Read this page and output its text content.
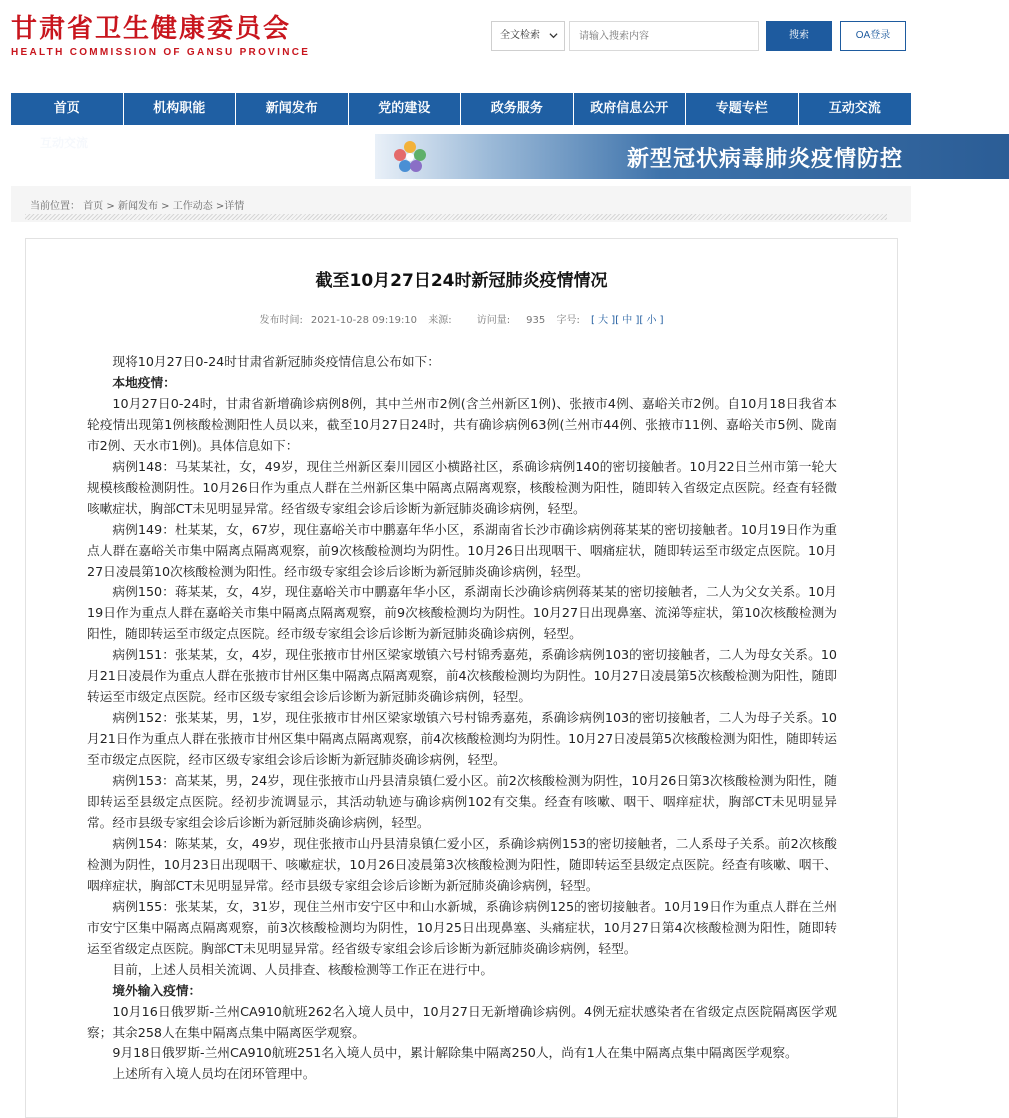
甘肃省卫生健康委员会
HEALTH COMMISSION OF GANSU PROVINCE
全文检索
请输入搜索内容	搜索	OA登录
首页	机构职能	新闻发布	党的建设	政务服务	政府信息公开	专题专栏	互动交流
互动交流
新型冠状病毒肺炎疫情防控
当前位置： 首页 > 新闻发布 > 工作动态 >详情
截至10月27日24时新冠肺炎疫情情况
发布时间: 2021-10-28 09:19:10 来源:	访问量: 935 字号: [ 大 ][ 中 ][ 小 ]

现将10月27日0-24时甘肃省新冠肺炎疫情信息公布如下：

本地疫情：

10月27日0-24时，甘肃省新增确诊病例8例，其中兰州市2例(含兰州新区1例)、张掖市4例、嘉峪关市2例。自10月18日我省本轮疫情出现第1例核酸检测阳性人员以来，截至10月27日24时，共有确诊病例63例(兰州市44例、张掖市11例、嘉峪关市5例、陇南市2例、天水市1例)。具体信息如下：

病例148：马某某社，女，49岁，现住兰州新区秦川园区小横路社区，系确诊病例140的密切接触者。10月22日兰州市第一轮大规模核酸检测阴性。10月26日作为重点人群在兰州新区集中隔离点隔离观察，核酸检测为阳性，随即转入省级定点医院。经查有轻微咳嗽症状，胸部CT未见明显异常。经省级专家组会诊后诊断为新冠肺炎确诊病例，轻型。

病例149：杜某某，女，67岁，现住嘉峪关市中鹏嘉年华小区，系湖南省长沙市确诊病例蒋某某的密切接触者。10月19日作为重点人群在嘉峪关市集中隔离点隔离观察，前9次核酸检测均为阴性。10月26日出现咽干、咽痛症状，随即转运至市级定点医院。10月27日凌晨第10次核酸检测为阳性。经市级专家组会诊后诊断为新冠肺炎确诊病例，轻型。

病例150：蒋某某，女，4岁，现住嘉峪关市中鹏嘉年华小区，系湖南长沙确诊病例蒋某某的密切接触者，二人为父女关系。10月19日作为重点人群在嘉峪关市集中隔离点隔离观察，前9次核酸检测均为阴性。10月27日出现鼻塞、流涕等症状，第10次核酸检测为阳性，随即转运至市级定点医院。经市级专家组会诊后诊断为新冠肺炎确诊病例，轻型。

病例151：张某某，女，4岁，现住张掖市甘州区梁家墩镇六号村锦秀嘉苑，系确诊病例103的密切接触者，二人为母女关系。10月21日凌晨作为重点人群在张掖市甘州区集中隔离点隔离观察，前4次核酸检测均为阴性。10月27日凌晨第5次核酸检测为阳性，随即转运至市级定点医院。经市区级专家组会诊后诊断为新冠肺炎确诊病例，轻型。

病例152：张某某，男，1岁，现住张掖市甘州区梁家墩镇六号村锦秀嘉苑，系确诊病例103的密切接触者，二人为母子关系。10月21日作为重点人群在张掖市甘州区集中隔离点隔离观察，前4次核酸检测均为阴性。10月27日凌晨第5次核酸检测为阳性，随即转运至市级定点医院，经市区级专家组会诊后诊断为新冠肺炎确诊病例，轻型。

病例153：高某某，男，24岁，现住张掖市山丹县清泉镇仁爱小区。前2次核酸检测为阴性，10月26日第3次核酸检测为阳性，随即转运至县级定点医院。经初步流调显示，其活动轨迹与确诊病例102有交集。经查有咳嗽、咽干、咽痒症状，胸部CT未见明显异常。经市县级专家组会诊后诊断为新冠肺炎确诊病例，轻型。

病例154：陈某某，女，49岁，现住张掖市山丹县清泉镇仁爱小区，系确诊病例153的密切接触者，二人系母子关系。前2次核酸检测为阴性，10月23日出现咽干、咳嗽症状，10月26日凌晨第3次核酸检测为阳性，随即转运至县级定点医院。经查有咳嗽、咽干、咽痒症状，胸部CT未见明显异常。经市县级专家组会诊后诊断为新冠肺炎确诊病例，轻型。

病例155：张某某，女，31岁，现住兰州市安宁区中和山水新城，系确诊病例125的密切接触者。10月19日作为重点人群在兰州市安宁区集中隔离点隔离观察，前3次核酸检测均为阴性，10月25日出现鼻塞、头痛症状，10月27日第4次核酸检测为阳性，随即转运至省级定点医院。胸部CT未见明显异常。经省级专家组会诊后诊断为新冠肺炎确诊病例，轻型。

目前，上述人员相关流调、人员排查、核酸检测等工作正在进行中。

境外输入疫情：

10月16日俄罗斯-兰州CA910航班262名入境人员中，10月27日无新增确诊病例。4例无症状感染者在省级定点医院隔离医学观察；其余258人在集中隔离点集中隔离医学观察。

9月18日俄罗斯-兰州CA910航班251名入境人员中，累计解除集中隔离250人，尚有1人在集中隔离点集中隔离医学观察。

上述所有入境人员均在闭环管理中。
